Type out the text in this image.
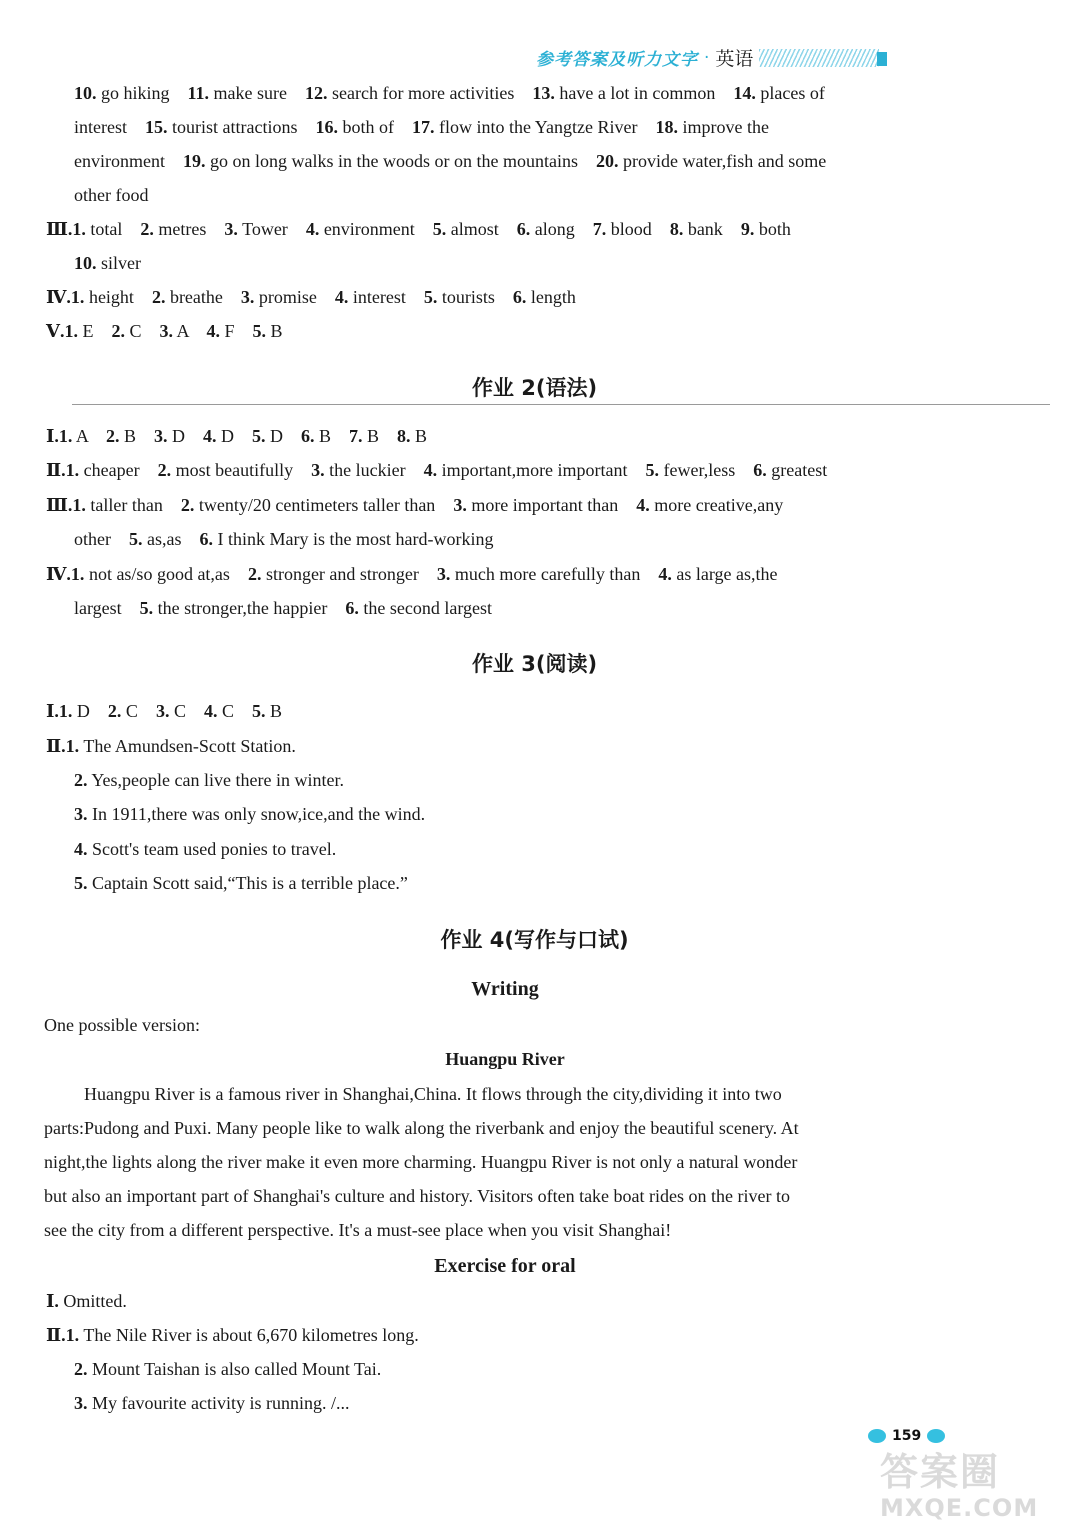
参考答案及听力文字 · 英语
10. go hiking    11. make sure    12. search for more activities    13. have a lot in common    14. places of
interest    15. tourist attractions    16. both of    17. flow into the Yangtze River    18. improve the
environment    19. go on long walks in the woods or on the mountains    20. provide water,fish and some
other food
Ⅲ.1. total    2. metres    3. Tower    4. environment    5. almost    6. along    7. blood    8. bank    9. both
10. silver
Ⅳ.1. height    2. breathe    3. promise    4. interest    5. tourists    6. length
Ⅴ.1. E    2. C    3. A    4. F    5. B
Ⅰ.1. A    2. B    3. D    4. D    5. D    6. B    7. B    8. B
Ⅱ.1. cheaper    2. most beautifully    3. the luckier    4. important,more important    5. fewer,less    6. greatest
Ⅲ.1. taller than    2. twenty/20 centimeters taller than    3. more important than    4. more creative,any
other    5. as,as    6. I think Mary is the most hard-working
Ⅳ.1. not as/so good at,as    2. stronger and stronger    3. much more carefully than    4. as large as,the
largest    5. the stronger,the happier    6. the second largest
Ⅰ.1. D    2. C    3. C    4. C    5. B
Ⅱ.1. The Amundsen-Scott Station.
2. Yes,people can live there in winter.
3. In 1911,there was only snow,ice,and the wind.
4. Scott's team used ponies to travel.
5. Captain Scott said,“This is a terrible place.”
One possible version:
Huangpu River is a famous river in Shanghai,China. It flows through the city,dividing it into two
parts:Pudong and Puxi. Many people like to walk along the riverbank and enjoy the beautiful scenery. At
night,the lights along the river make it even more charming. Huangpu River is not only a natural wonder
but also an important part of Shanghai's culture and history. Visitors often take boat rides on the river to
see the city from a different perspective. It's a must-see place when you visit Shanghai!
Ⅰ. Omitted.
Ⅱ.1. The Nile River is about 6,670 kilometres long.
2. Mount Taishan is also called Mount Tai.
3. My favourite activity is running. /...
作业 2(语法)
作业 3(阅读)
作业 4(写作与口试)
Writing
Huangpu River
Exercise for oral
159
答案圈
MXQE.COM
